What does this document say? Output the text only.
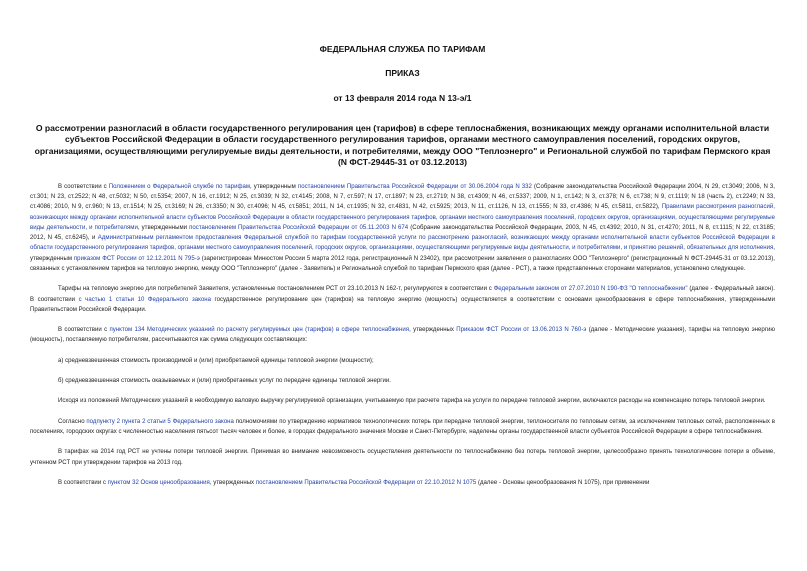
ФЕДЕРАЛЬНАЯ СЛУЖБА ПО ТАРИФАМ
ПРИКАЗ
от 13 февраля 2014 года N 13-э/1
О рассмотрении разногласий в области государственного регулирования цен (тарифов) в сфере теплоснабжения, возникающих между органами исполнительной власти субъектов Российской Федерации в области государственного регулирования тарифов, органами местного самоуправления поселений, городских округов, организациями, осуществляющими регулируемые виды деятельности, и потребителями, между ООО "Теплоэнерго" и Региональной службой по тарифам Пермского края (N ФСТ-29445-31 от 03.12.2013)
В соответствии с Положением о Федеральной службе по тарифам, утвержденным постановлением Правительства Российской Федерации от 30.06.2004 года N 332 (Собрание законодательства Российской Федерации 2004, N 29, ст.3049; 2006, N 3, ст.301; N 23, ст.2522; N 48, ст.5032; N 50, ст.5354; 2007, N 16, ст.1912; N 25, ст.3039; N 32, ст.4145; 2008, N 7, ст.597; N 17, ст.1897; N 23, ст.2719; N 38, ст.4309; N 46, ст.5337; 2009, N 1, ст.142; N 3, ст.378; N 6, ст.738; N 9, ст.1119; N 18 (часть 2), ст.2249; N 33, ст.4086; 2010, N 9, ст.960; N 13, ст.1514; N 25, ст.3169; N 26, ст.3350; N 30, ст.4096; N 45, ст.5851; 2011, N 14, ст.1935; N 32, ст.4831, N 42, ст.5925; 2013, N 11, ст.1126, N 13, ст.1555; N 33, ст.4386; N 45, ст.5811, ст.5822), Правилами рассмотрения разногласий, возникающих между органами исполнительной власти субъектов Российской Федерации в области государственного регулирования тарифов, органами местного самоуправления поселений, городских округов, организациями, осуществляющими регулируемые виды деятельности, и потребителями, утвержденными постановлением Правительства Российской Федерации от 05.11.2003 N 674 (Собрание законодательства Российской Федерации, 2003, N 45, ст.4392; 2010, N 31, ст.4270; 2011, N 8, ст.1115; N 22, ст.3185; 2012, N 45, ст.6245), и Административным регламентом предоставления Федеральной службой по тарифам государственной услуги по рассмотрению разногласий, возникающих между органами исполнительной власти субъектов Российской Федерации в области государственного регулирования тарифов, органами местного самоуправления поселений, городских округов, организациями, осуществляющими регулируемые виды деятельности, и потребителями, и принятию решений, обязательных для исполнения, утвержденным приказом ФСТ России от 12.12.2011 N 795-э (зарегистрирован Минюстом России 5 марта 2012 года, регистрационный N 23402), при рассмотрении заявления о разногласиях ООО "Теплоэнерго" (регистрационный N ФСТ-29445-31 от 03.12.2013), связанных с установлением тарифов на тепловую энергию, между ООО "Теплоэнерго" (далее - Заявитель) и Региональной службой по тарифам Пермского края (далее - РСТ), а также представленных сторонами материалов, установлено следующее.
Тарифы на тепловую энергию для потребителей Заявителя, установленные постановлением РСТ от 23.10.2013 N 162-т, регулируются в соответствии с Федеральным законом от 27.07.2010 N 190-ФЗ "О теплоснабжении" (далее - Федеральный закон). В соответствии с частью 1 статьи 10 Федерального закона государственное регулирование цен (тарифов) на тепловую энергию (мощность) осуществляется в соответствии с основами ценообразования в сфере теплоснабжения, утвержденными Правительством Российской Федерации.
В соответствии с пунктом 134 Методических указаний по расчету регулируемых цен (тарифов) в сфере теплоснабжения, утвержденных Приказом ФСТ России от 13.06.2013 N 760-э (далее - Методические указания), тарифы на тепловую энергию (мощность), поставляемую потребителям, рассчитываются как сумма следующих составляющих:
а) средневзвешенная стоимость производимой и (или) приобретаемой единицы тепловой энергии (мощности);
б) средневзвешенная стоимость оказываемых и (или) приобретаемых услуг по передаче единицы тепловой энергии.
Исходя из положений Методических указаний в необходимую валовую выручку регулируемой организации, учитываемую при расчете тарифа на услуги по передаче тепловой энергии, включаются расходы на компенсацию потерь тепловой энергии.
Согласно подпункту 2 пункта 2 статьи 5 Федерального закона полномочиями по утверждению нормативов технологических потерь при передаче тепловой энергии, теплоносителя по тепловым сетям, за исключением тепловых сетей, расположенных в поселениях, городских округах с численностью населения пятьсот тысяч человек и более, в городах федерального значения Москве и Санкт-Петербурге, наделены органы государственной власти субъектов Российской Федерации в сфере теплоснабжения.
В тарифах на 2014 год РСТ не учтены потери тепловой энергии. Принимая во внимание невозможность осуществления деятельности по теплоснабжению без потерь тепловой энергии, целесообразно принять технологические потери в объеме, учтенном РСТ при утверждении тарифов на 2013 год.
В соответствии с пунктом 32 Основ ценообразования, утвержденных постановлением Правительства Российской Федерации от 22.10.2012 N 1075 (далее - Основы ценообразования N 1075), при применении
